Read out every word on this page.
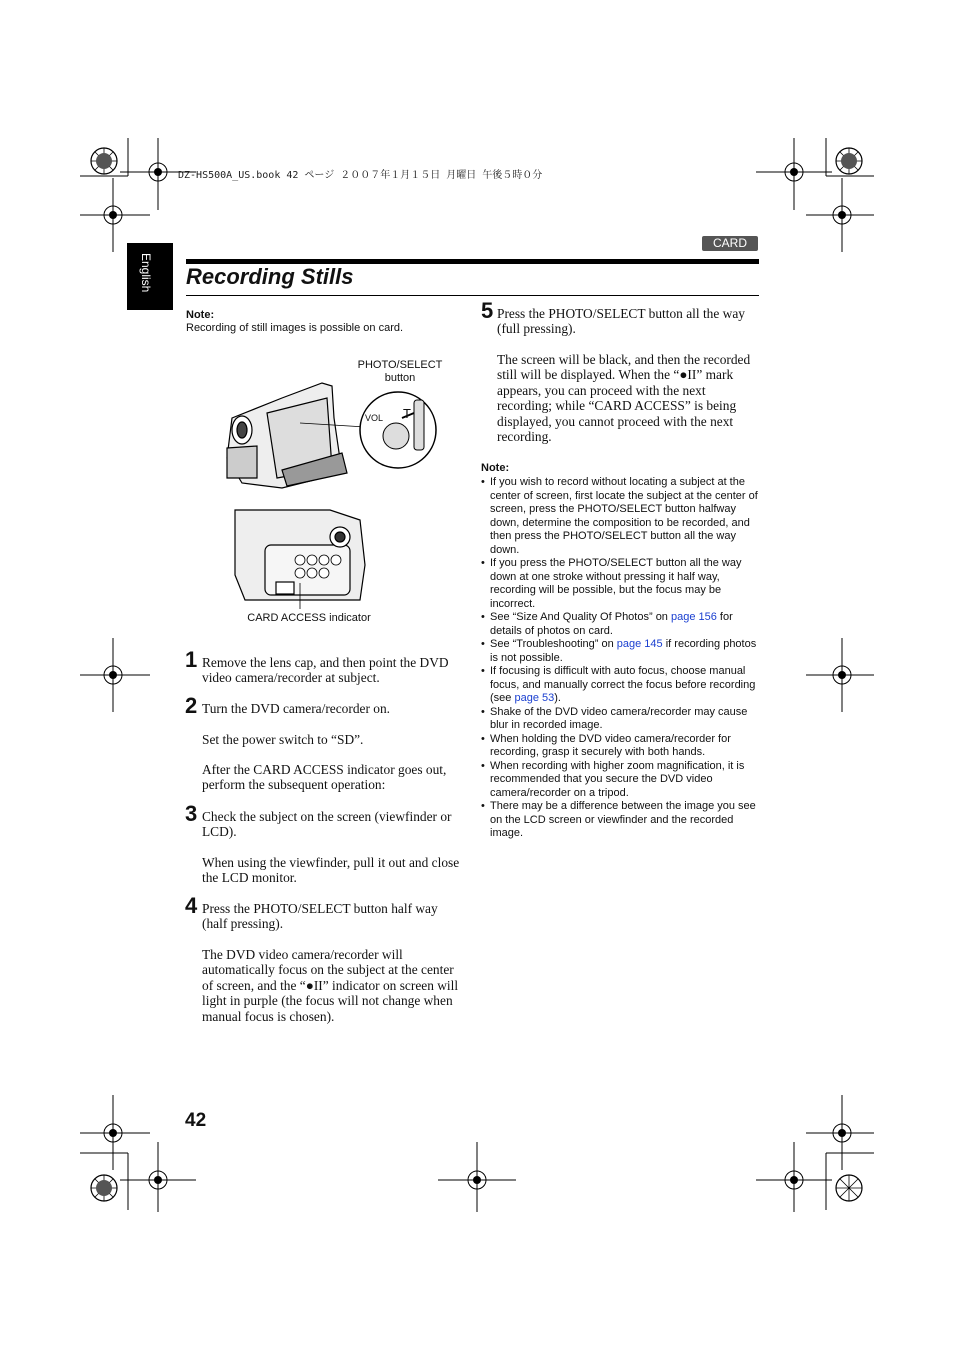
DZ-HS500A_US.book 42 ページ ２００７年１月１５日 月曜日 午後５時０分
English
CARD
Recording Stills
Note:
Recording of still images is possible on card.
PHOTO/SELECT
button
VOL T
CARD ACCESS indicator
1 Remove the lens cap, and then point the DVD video camera/recorder at subject.
2 Turn the DVD camera/recorder on.
Set the power switch to “SD”.
After the CARD ACCESS indicator goes out, perform the subsequent operation:
3 Check the subject on the screen (viewfinder or LCD).
When using the viewfinder, pull it out and close the LCD monitor.
4 Press the PHOTO/SELECT button half way (half pressing).
The DVD video camera/recorder will automatically focus on the subject at the center of screen, and the “●II” indicator on screen will light in purple (the focus will not change when manual focus is chosen).
5 Press the PHOTO/SELECT button all the way (full pressing).
The screen will be black, and then the recorded still will be displayed. When the “●II” mark appears, you can proceed with the next recording; while “CARD ACCESS” is being displayed, you cannot proceed with the next recording.
Note:
• If you wish to record without locating a subject at the center of screen, first locate the subject at the center of screen, press the PHOTO/SELECT button halfway down, determine the composition to be recorded, and then press the PHOTO/SELECT button all the way down.
• If you press the PHOTO/SELECT button all the way down at one stroke without pressing it half way, recording will be possible, but the focus may be incorrect.
• See “Size And Quality Of Photos” on page 156 for details of photos on card.
• See “Troubleshooting” on page 145 if recording photos is not possible.
• If focusing is difficult with auto focus, choose manual focus, and manually correct the focus before recording (see page 53).
• Shake of the DVD video camera/recorder may cause blur in recorded image.
• When holding the DVD video camera/recorder for recording, grasp it securely with both hands.
• When recording with higher zoom magnification, it is recommended that you secure the DVD video camera/recorder on a tripod.
• There may be a difference between the image you see on the LCD screen or viewfinder and the recorded image.
42
